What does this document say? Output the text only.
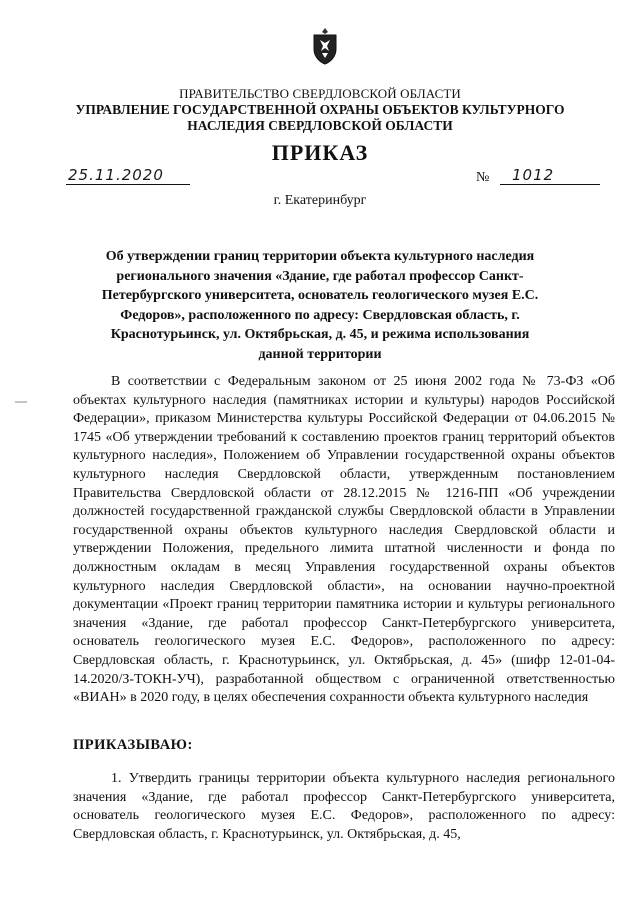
ПРАВИТЕЛЬСТВО СВЕРДЛОВСКОЙ ОБЛАСТИ
УПРАВЛЕНИЕ ГОСУДАРСТВЕННОЙ ОХРАНЫ ОБЪЕКТОВ КУЛЬТУРНОГО НАСЛЕДИЯ СВЕРДЛОВСКОЙ ОБЛАСТИ
ПРИКАЗ
25.11.2020	№ 1012
г. Екатеринбург
Об утверждении границ территории объекта культурного наследия регионального значения «Здание, где работал профессор Санкт-Петербургского университета, основатель геологического музея Е.С. Федоров», расположенного по адресу: Свердловская область, г. Краснотурьинск, ул. Октябрьская, д. 45, и режима использования данной территории

В соответствии с Федеральным законом от 25 июня 2002 года № 73-ФЗ «Об объектах культурного наследия (памятниках истории и культуры) народов Российской Федерации», приказом Министерства культуры Российской Федерации от 04.06.2015 № 1745 «Об утверждении требований к составлению проектов границ территорий объектов культурного наследия», Положением об Управлении государственной охраны объектов культурного наследия Свердловской области, утвержденным постановлением Правительства Свердловской области от 28.12.2015 № 1216-ПП «Об учреждении должностей государственной гражданской службы Свердловской области в Управлении государственной охраны объектов культурного наследия Свердловской области и утверждении Положения, предельного лимита штатной численности и фонда по должностным окладам в месяц Управления государственной охраны объектов культурного наследия Свердловской области», на основании научно-проектной документации «Проект границ территории памятника истории и культуры регионального значения «Здание, где работал профессор Санкт-Петербургского университета, основатель геологического музея Е.С. Федоров», расположенного по адресу: Свердловская область, г. Краснотурьинск, ул. Октябрьская, д. 45» (шифр 12-01-04-14.2020/З-ТОКН-УЧ), разработанной обществом с ограниченной ответственностью «ВИАН» в 2020 году, в целях обеспечения сохранности объекта культурного наследия

ПРИКАЗЫВАЮ:

1. Утвердить границы территории объекта культурного наследия регионального значения «Здание, где работал профессор Санкт-Петербургского университета, основатель геологического музея Е.С. Федоров», расположенного по адресу: Свердловская область, г. Краснотурьинск, ул. Октябрьская, д. 45,
